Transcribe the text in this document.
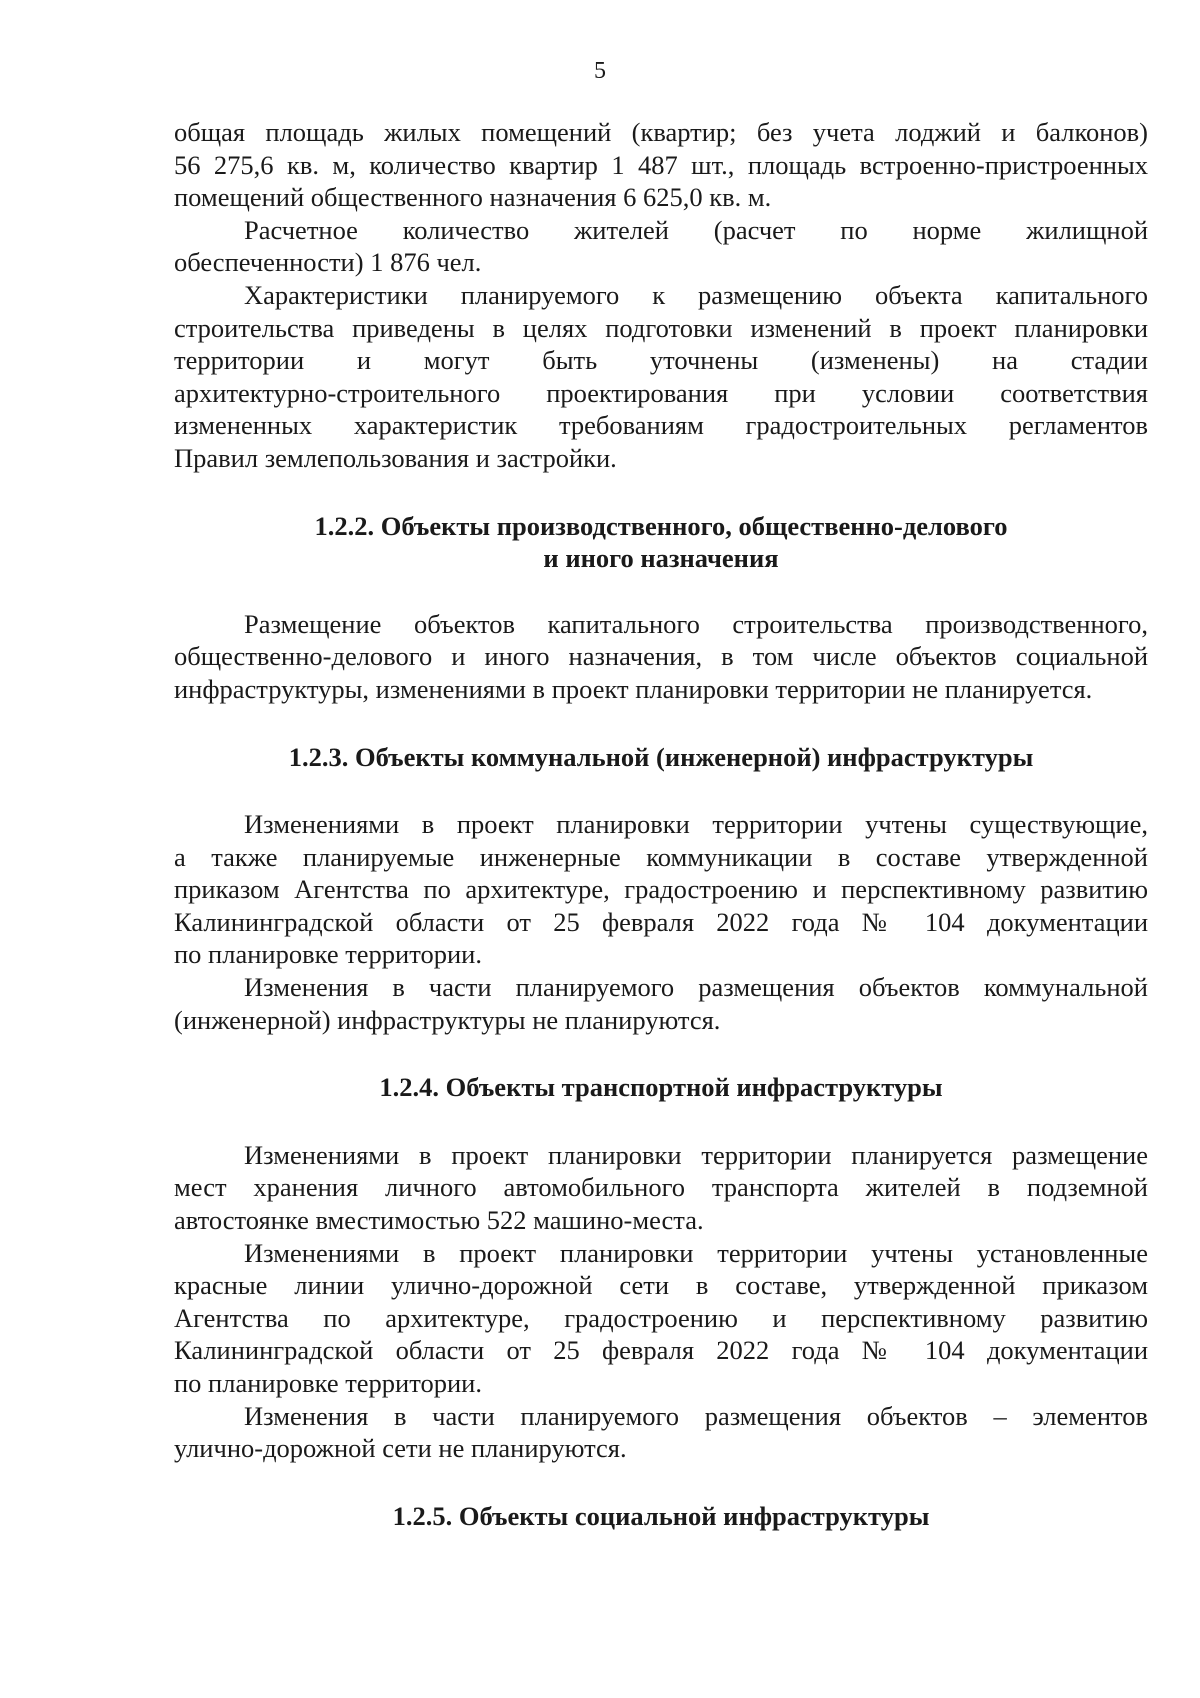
5
общая площадь жилых помещений (квартир; без учета лоджий и балконов)
56 275,6 кв. м, количество квартир 1 487 шт., площадь встроенно-пристроенных
помещений общественного назначения 6 625,0 кв. м.
Расчетное количество жителей (расчет по норме жилищной
обеспеченности) 1 876 чел.
Характеристики планируемого к размещению объекта капитального
строительства приведены в целях подготовки изменений в проект планировки
территории и могут быть уточнены (изменены) на стадии
архитектурно-строительного проектирования при условии соответствия
измененных характеристик требованиям градостроительных регламентов
Правил землепользования и застройки.
1.2.2. Объекты производственного, общественно-делового
и иного назначения
Размещение объектов капитального строительства производственного,
общественно-делового и иного назначения, в том числе объектов социальной
инфраструктуры, изменениями в проект планировки территории не планируется.
1.2.3. Объекты коммунальной (инженерной) инфраструктуры
Изменениями в проект планировки территории учтены существующие,
а также планируемые инженерные коммуникации в составе утвержденной
приказом Агентства по архитектуре, градостроению и перспективному развитию
Калининградской области от 25 февраля 2022 года № 104 документации
по планировке территории.
Изменения в части планируемого размещения объектов коммунальной
(инженерной) инфраструктуры не планируются.
1.2.4. Объекты транспортной инфраструктуры
Изменениями в проект планировки территории планируется размещение
мест хранения личного автомобильного транспорта жителей в подземной
автостоянке вместимостью 522 машино-места.
Изменениями в проект планировки территории учтены установленные
красные линии улично-дорожной сети в составе, утвержденной приказом
Агентства по архитектуре, градостроению и перспективному развитию
Калининградской области от 25 февраля 2022 года № 104 документации
по планировке территории.
Изменения в части планируемого размещения объектов – элементов
улично-дорожной сети не планируются.
1.2.5. Объекты социальной инфраструктуры
